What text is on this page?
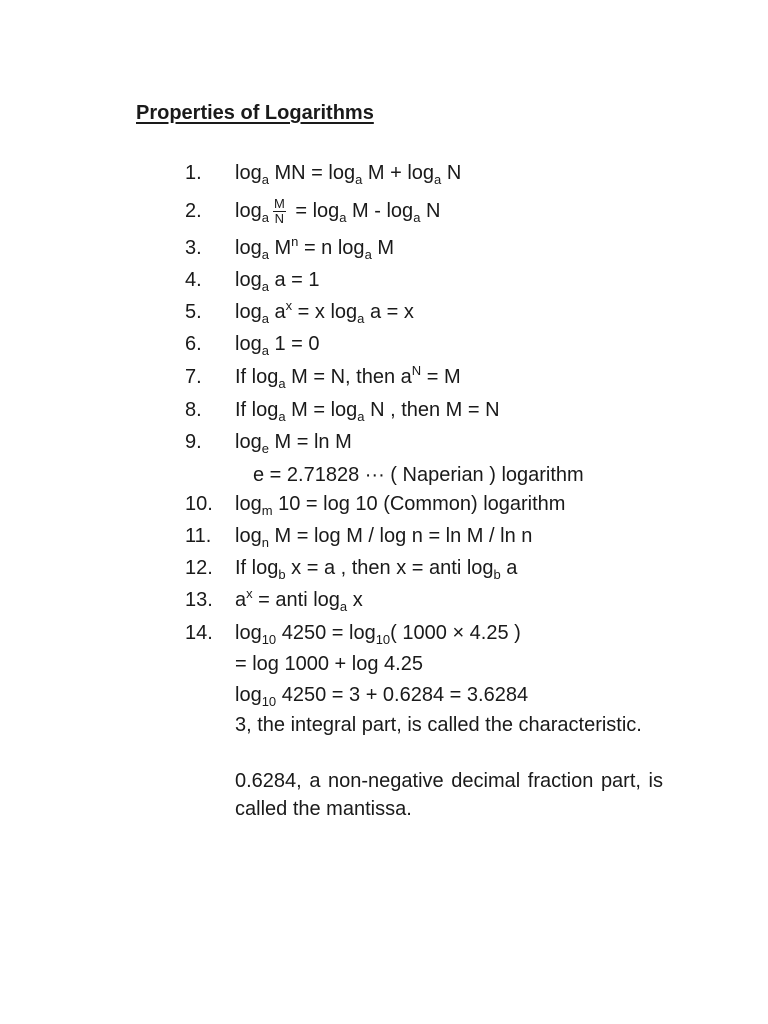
Properties of Logarithms
1. $\log_a$ MN = $\log_a M + \log_a N$
2. $\log_a \frac{M}{N} = \log_a M - \log_a N$
3. $\log_a M^n = n$ $\log_a M$
4. $\log_a a = 1$
5. $\log_a a^x = x$ $\log_a a = x$
6. $\log_a 1 = 0$
7. If $\log_a M = N$, then $a^N = M$
8. If $\log_a M = \log_a N$ , then M = N
9. $\log_e M = \ln M$
e = 2.71828 ··· ( Naperian ) logarithm
10. $\log_m 10 = \log 10$ (Common) logarithm
11. $\log_n M = \log M / \log n = \ln M / \ln n$
12. If $\log_b x = a$ , then x = anti $\log_b a$
13. $a^x$ = anti $\log_a x$
14. $\log_{10} 4250 = \log_{10}$( 1000 × 4.25 )
= log 1000 + log 4.25
$\log_{10} 4250 = 3 + 0.6284 = 3.6284$
3, the integral part, is called the characteristic.
0.6284, a non-negative decimal fraction part, is called the mantissa.
